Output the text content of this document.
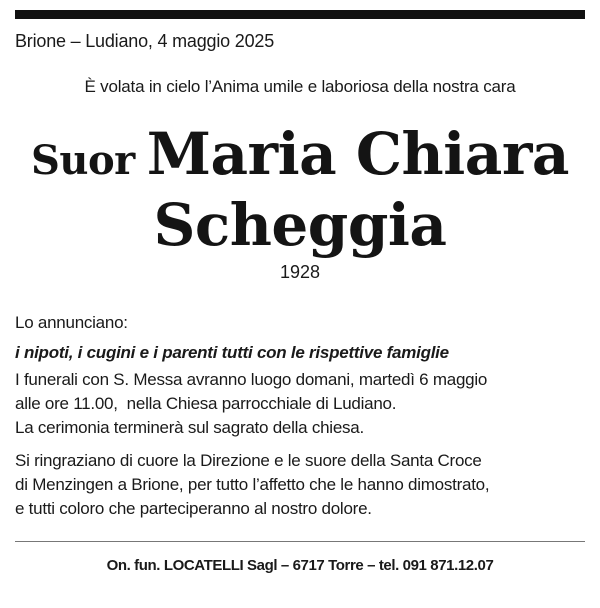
Brione – Ludiano, 4 maggio 2025
È volata in cielo l’Anima umile e laboriosa della nostra cara
Suor Maria Chiara
Scheggia
1928

Lo annunciano:

i nipoti, i cugini e i parenti tutti con le rispettive famiglie

I funerali con S. Messa avranno luogo domani, martedì 6 maggio

alle ore 11.00,  nella Chiesa parrocchiale di Ludiano.

La cerimonia terminerà sul sagrato della chiesa.

Si ringraziano di cuore la Direzione e le suore della Santa Croce

di Menzingen a Brione, per tutto l’affetto che le hanno dimostrato,

e tutti coloro che parteciperanno al nostro dolore.

On. fun. LOCATELLI Sagl – 6717 Torre – tel. 091 871.12.07
